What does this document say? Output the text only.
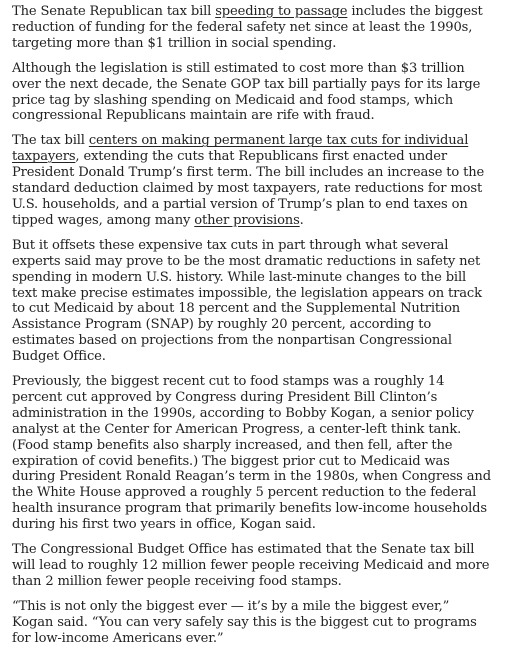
The Senate Republican tax bill speeding to passage includes the biggest reduction of funding for the federal safety net since at least the 1990s, targeting more than $1 trillion in social spending.

Although the legislation is still estimated to cost more than $3 trillion over the next decade, the Senate GOP tax bill partially pays for its large price tag by slashing spending on Medicaid and food stamps, which congressional Republicans maintain are rife with fraud.

The tax bill centers on making permanent large tax cuts for individual taxpayers, extending the cuts that Republicans first enacted under President Donald Trump’s first term. The bill includes an increase to the standard deduction claimed by most taxpayers, rate reductions for most U.S. households, and a partial version of Trump’s plan to end taxes on tipped wages, among many other provisions.

But it offsets these expensive tax cuts in part through what several experts said may prove to be the most dramatic reductions in safety net spending in modern U.S. history. While last-minute changes to the bill text make precise estimates impossible, the legislation appears on track to cut Medicaid by about 18 percent and the Supplemental Nutrition Assistance Program (SNAP) by roughly 20 percent, according to estimates based on projections from the nonpartisan Congressional Budget Office.

Previously, the biggest recent cut to food stamps was a roughly 14 percent cut approved by Congress during President Bill Clinton’s administration in the 1990s, according to Bobby Kogan, a senior policy analyst at the Center for American Progress, a center-left think tank. (Food stamp benefits also sharply increased, and then fell, after the expiration of covid benefits.) The biggest prior cut to Medicaid was during President Ronald Reagan’s term in the 1980s, when Congress and the White House approved a roughly 5 percent reduction to the federal health insurance program that primarily benefits low-income households during his first two years in office, Kogan said.

The Congressional Budget Office has estimated that the Senate tax bill will lead to roughly 12 million fewer people receiving Medicaid and more than 2 million fewer people receiving food stamps.

“This is not only the biggest ever — it’s by a mile the biggest ever,” Kogan said. “You can very safely say this is the biggest cut to programs for low-income Americans ever.”
